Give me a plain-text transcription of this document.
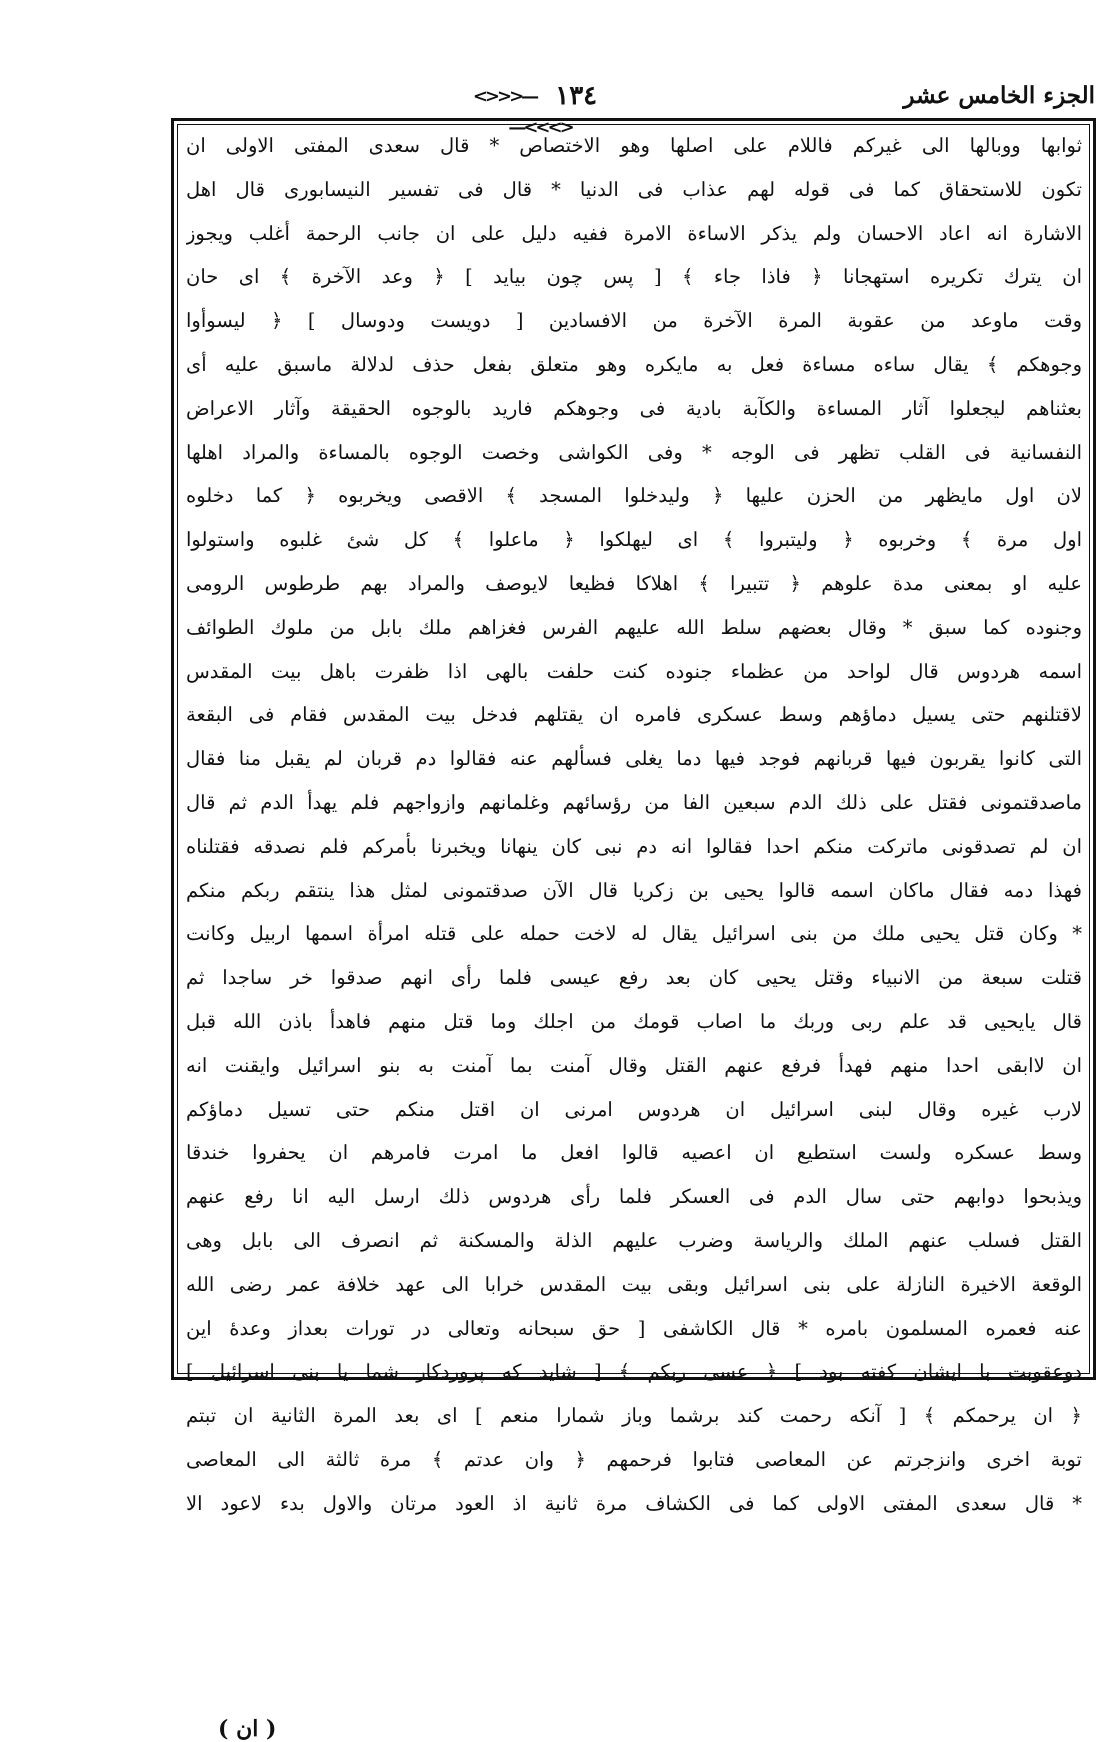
الجزء الخامس عشر
<>>>— ١٣٤ —<<<>
ثوابها ووبالها الى غيركم فاللام على اصلها وهو الاختصاص * قال سعدى المفتى الاولى ان
تكون للاستحقاق كما فى قوله لهم عذاب فى الدنيا * قال فى تفسير النيسابورى قال اهل
الاشارة انه اعاد الاحسان ولم يذكر الاساءة الامرة ففيه دليل على ان جانب الرحمة أغلب ويجوز
ان يترك تكريره استهجانا ﴿ فاذا جاء ﴾ [ پس چون بيايد ] ﴿ وعد الآخرة ﴾ اى حان
وقت ماوعد من عقوبة المرة الآخرة من الافسادين [ دويست ودوسال ] ﴿ ليسوأوا
وجوهكم ﴾ يقال ساءه مساءة فعل به مايكره وهو متعلق بفعل حذف لدلالة ماسبق عليه أى
بعثناهم ليجعلوا آثار المساءة والكآبة بادية فى وجوهكم فاريد بالوجوه الحقيقة وآثار الاعراض
النفسانية فى القلب تظهر فى الوجه * وفى الكواشى وخصت الوجوه بالمساءة والمراد اهلها
لان اول مايظهر من الحزن عليها ﴿ وليدخلوا المسجد ﴾ الاقصى ويخربوه ﴿ كما دخلوه
اول مرة ﴾ وخربوه ﴿ وليتبروا ﴾ اى ليهلكوا ﴿ ماعلوا ﴾ كل شئ غلبوه واستولوا
عليه او بمعنى مدة علوهم ﴿ تتبيرا ﴾ اهلاكا فظيعا لايوصف والمراد بهم طرطوس الرومى
وجنوده كما سبق * وقال بعضهم سلط الله عليهم الفرس فغزاهم ملك بابل من ملوك الطوائف
اسمه هردوس قال لواحد من عظماء جنوده كنت حلفت بالهى اذا ظفرت باهل بيت المقدس
لاقتلنهم حتى يسيل دماؤهم وسط عسكرى فامره ان يقتلهم فدخل بيت المقدس فقام فى البقعة
التى كانوا يقربون فيها قربانهم فوجد فيها دما يغلى فسألهم عنه فقالوا دم قربان لم يقبل منا فقال
ماصدقتمونى فقتل على ذلك الدم سبعين الفا من رؤسائهم وغلمانهم وازواجهم فلم يهدأ الدم ثم قال
ان لم تصدقونى ماتركت منكم احدا فقالوا انه دم نبى كان ينهانا ويخبرنا بأمركم فلم نصدقه فقتلناه
فهذا دمه فقال ماكان اسمه قالوا يحيى بن زكريا قال الآن صدقتمونى لمثل هذا ينتقم ربكم منكم
* وكان قتل يحيى ملك من بنى اسرائيل يقال له لاخت حمله على قتله امرأة اسمها اربيل وكانت
قتلت سبعة من الانبياء وقتل يحيى كان بعد رفع عيسى فلما رأى انهم صدقوا خر ساجدا ثم
قال يايحيى قد علم ربى وربك ما اصاب قومك من اجلك وما قتل منهم فاهدأ باذن الله قبل
ان لاابقى احدا منهم فهدأ فرفع عنهم القتل وقال آمنت بما آمنت به بنو اسرائيل وايقنت انه
لارب غيره وقال لبنى اسرائيل ان هردوس امرنى ان اقتل منكم حتى تسيل دماؤكم
وسط عسكره ولست استطيع ان اعصيه قالوا افعل ما امرت فامرهم ان يحفروا خندقا
ويذبحوا دوابهم حتى سال الدم فى العسكر فلما رأى هردوس ذلك ارسل اليه انا رفع عنهم
القتل فسلب عنهم الملك والرياسة وضرب عليهم الذلة والمسكنة ثم انصرف الى بابل وهى
الوقعة الاخيرة النازلة على بنى اسرائيل وبقى بيت المقدس خرابا الى عهد خلافة عمر رضى الله
عنه فعمره المسلمون بامره * قال الكاشفى [ حق سبحانه وتعالى در تورات بعداز وعدهٔ اين
دوعقوبت با ايشان كفته بود ] ﴿ عسى ربكم ﴾ [ شايد كه پروردكار شما يا بنى اسرائيل ]
﴿ ان يرحمكم ﴾ [ آنكه رحمت كند برشما وباز شمارا منعم ] اى بعد المرة الثانية ان تبتم
توبة اخرى وانزجرتم عن المعاصى فتابوا فرحمهم ﴿ وان عدتم ﴾ مرة ثالثة الى المعاصى
* قال سعدى المفتى الاولى كما فى الكشاف مرة ثانية اذ العود مرتان والاول بدء لاعود الا
( ان )
